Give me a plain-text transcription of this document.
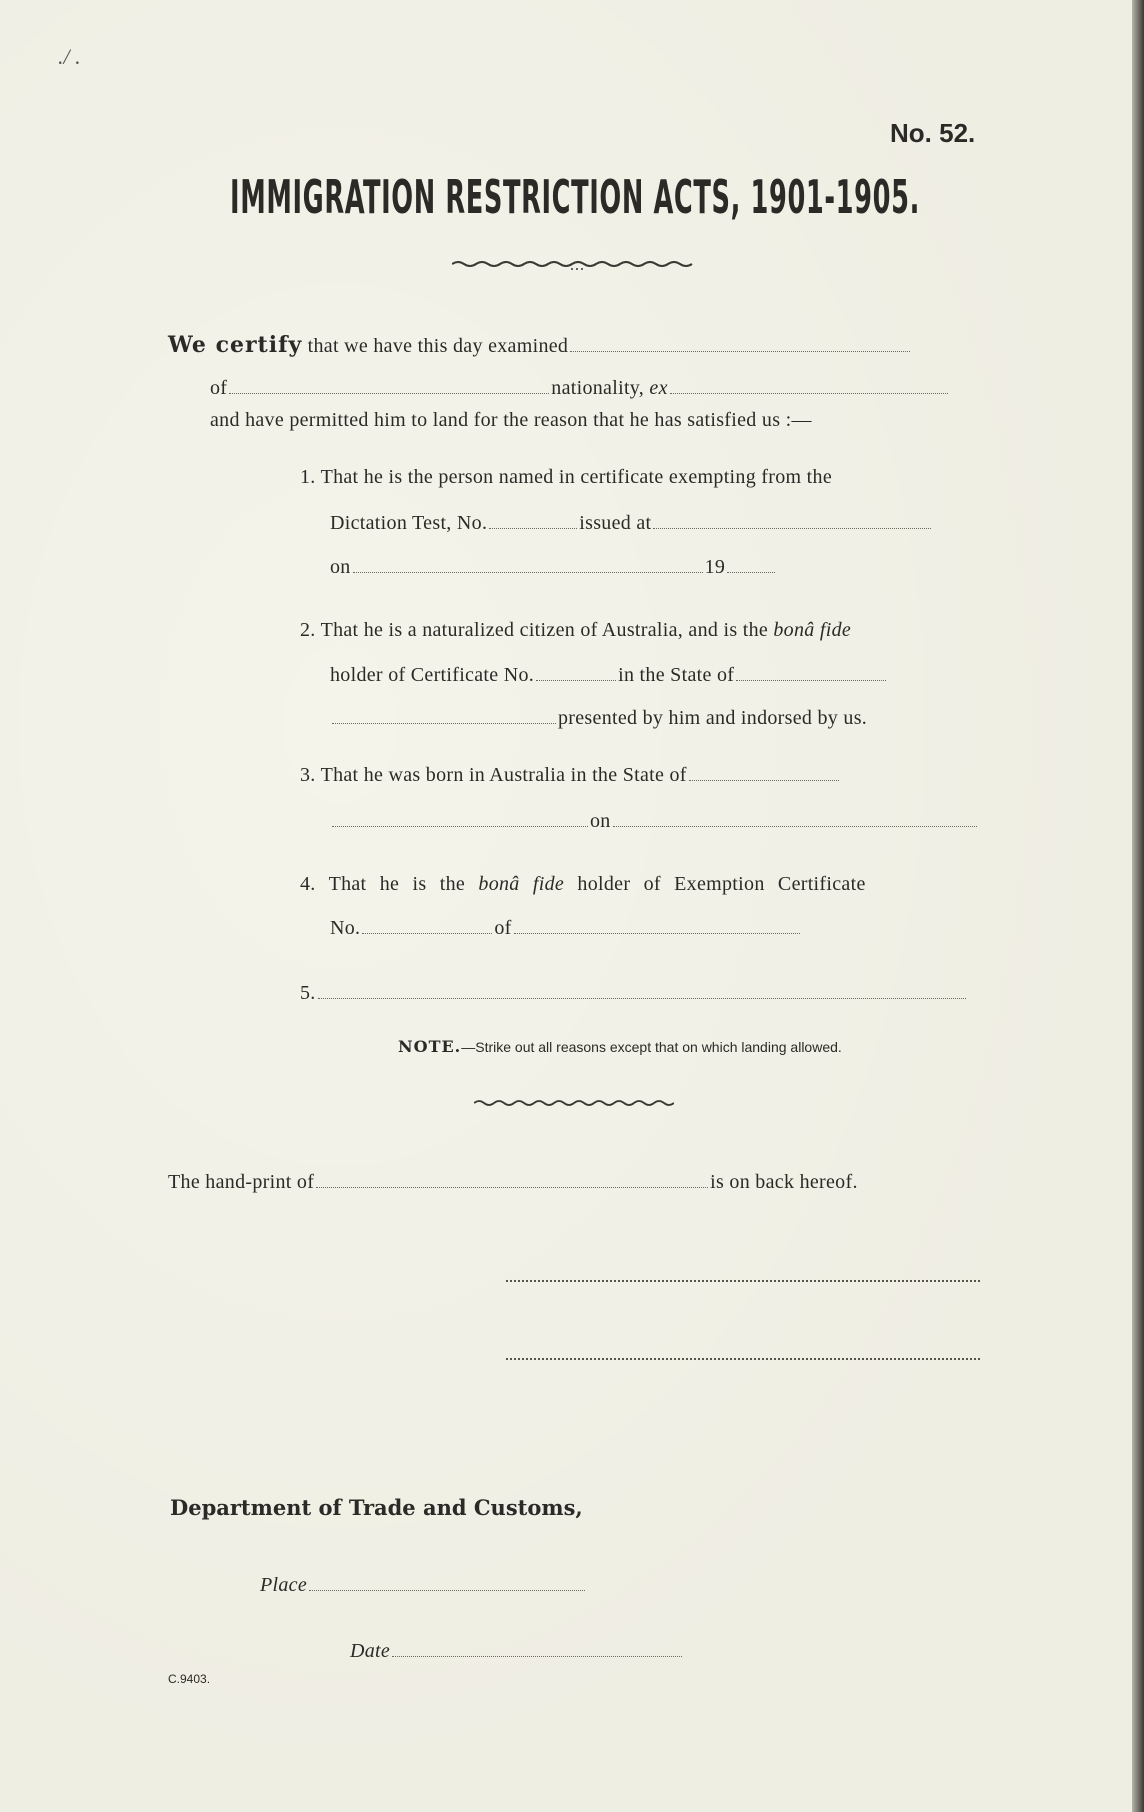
./ .
No. 52.
IMMIGRATION RESTRICTION ACTS, 1901-1905.
We certify that we have this day examined
of	nationality, ex
and have permitted him to land for the reason that he has satisfied us :—
1. That he is the person named in certificate exempting from the
Dictation Test, No.	issued at
on	19
2. That he is a naturalized citizen of Australia, and is the bonâ fide
holder of Certificate No.	in the State of
presented by him and indorsed by us.
3. That he was born in Australia in the State of
on
4. That he is the bonâ fide holder of Exemption Certificate
No.	of
5.
NOTE.—Strike out all reasons except that on which landing allowed.
The hand-print of	is on back hereof.
Department of Trade and Customs,
Place
Date
C.9403.
